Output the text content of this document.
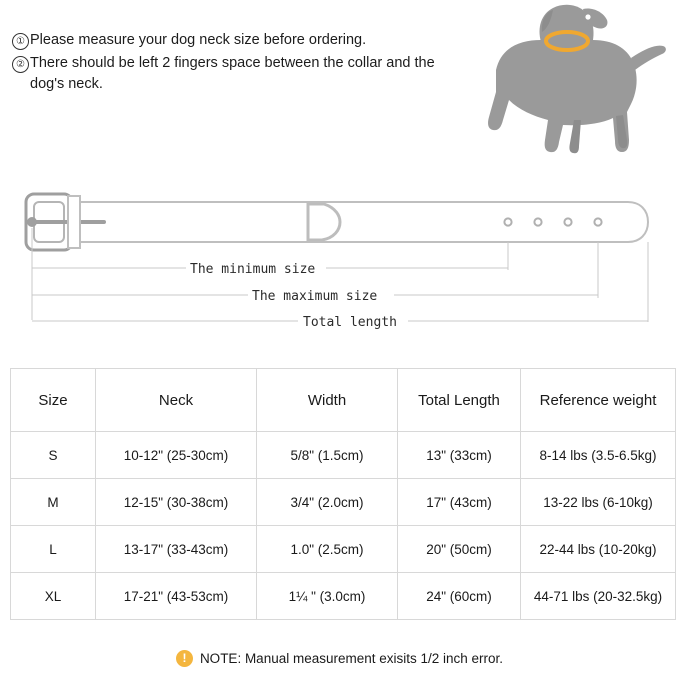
① Please measure your dog neck size before ordering.
② There should be left 2 fingers space between the collar and the dog's neck.
The minimum size
The maximum size
Total length
Size	Neck	Width	Total Length	Reference weight
S	10-12" (25-30cm)	5/8" (1.5cm)	13" (33cm)	8-14 lbs (3.5-6.5kg)
M	12-15" (30-38cm)	3/4" (2.0cm)	17" (43cm)	13-22 lbs (6-10kg)
L	13-17" (33-43cm)	1.0" (2.5cm)	20" (50cm)	22-44 lbs (10-20kg)
XL	17-21" (43-53cm)	1¼ " (3.0cm)	24" (60cm)	44-71 lbs (20-32.5kg)
!	NOTE: Manual measurement exisits 1/2 inch error.
